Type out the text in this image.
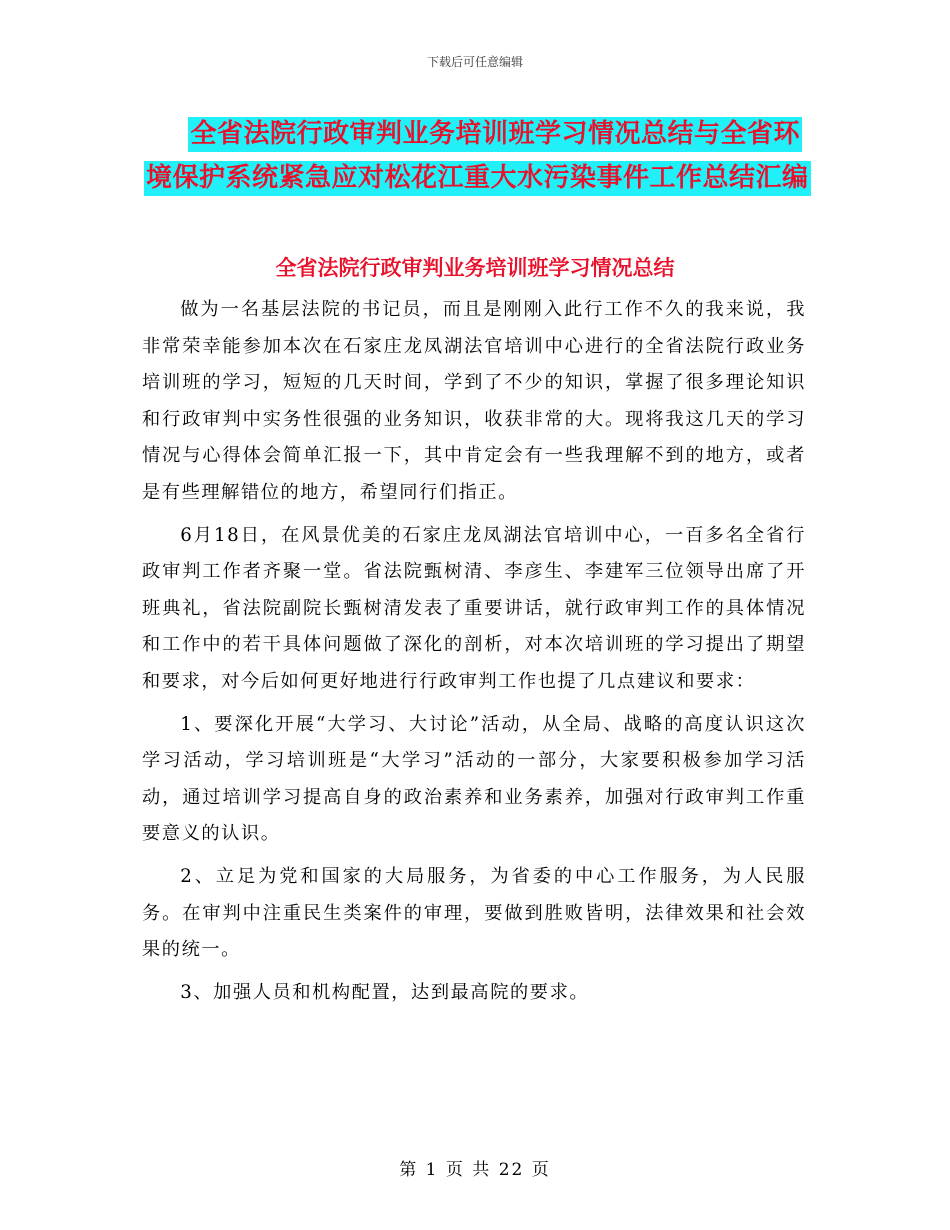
下载后可任意编辑
全省法院行政审判业务培训班学习情况总结与全省环
境保护系统紧急应对松花江重大水污染事件工作总结汇编
全省法院行政审判业务培训班学习情况总结

做为一名基层法院的书记员，而且是刚刚入此行工作不久的我来说，我非常荣幸能参加本次在石家庄龙凤湖法官培训中心进行的全省法院行政业务培训班的学习，短短的几天时间，学到了不少的知识，掌握了很多理论知识和行政审判中实务性很强的业务知识，收获非常的大。现将我这几天的学习情况与心得体会简单汇报一下，其中肯定会有一些我理解不到的地方，或者是有些理解错位的地方，希望同行们指正。

6月18日，在风景优美的石家庄龙凤湖法官培训中心，一百多名全省行政审判工作者齐聚一堂。省法院甄树清、李彦生、李建军三位领导出席了开班典礼，省法院副院长甄树清发表了重要讲话，就行政审判工作的具体情况和工作中的若干具体问题做了深化的剖析，对本次培训班的学习提出了期望和要求，对今后如何更好地进行行政审判工作也提了几点建议和要求：

1、要深化开展“大学习、大讨论”活动，从全局、战略的高度认识这次学习活动，学习培训班是“大学习”活动的一部分，大家要积极参加学习活动，通过培训学习提高自身的政治素养和业务素养，加强对行政审判工作重要意义的认识。

2、立足为党和国家的大局服务，为省委的中心工作服务，为人民服务。在审判中注重民生类案件的审理，要做到胜败皆明，法律效果和社会效果的统一。

3、加强人员和机构配置，达到最高院的要求。

第 1 页 共 22 页
